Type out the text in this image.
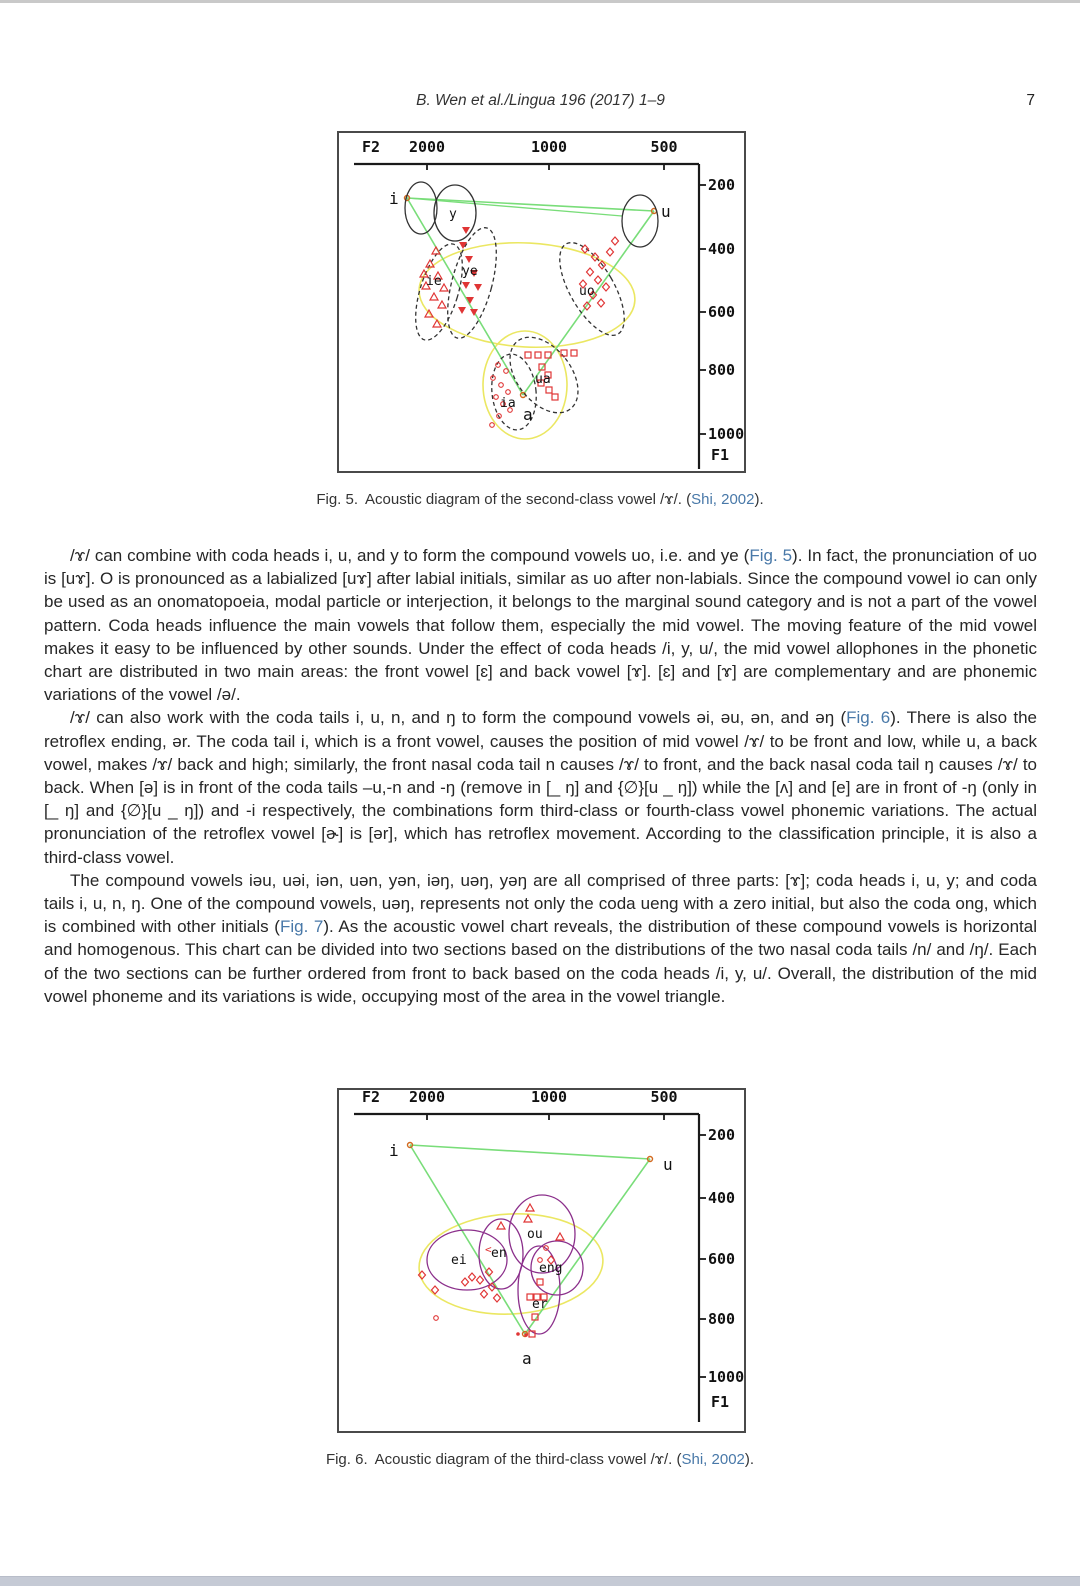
B. Wen et al./Lingua 196 (2017) 1–9	7
i
y	u
ie
ye
uo
ua
ia
a
F2 2000	1000	500
200
400
600
800
1000
F1
Fig. 5. Acoustic diagram of the second-class vowel /ɤ/. (Shi, 2002).

/ɤ/ can combine with coda heads i, u, and y to form the compound vowels uo, i.e. and ye (Fig. 5). In fact, the pronunciation of uo is [uɤ]. O is pronounced as a labialized [uɤ] after labial initials, similar as uo after non-labials. Since the compound vowel io can only be used as an onomatopoeia, modal particle or interjection, it belongs to the marginal sound category and is not a part of the vowel pattern. Coda heads influence the main vowels that follow them, especially the mid vowel. The moving feature of the mid vowel makes it easy to be influenced by other sounds. Under the effect of coda heads /i, y, u/, the mid vowel allophones in the phonetic chart are distributed in two main areas: the front vowel [ɛ] and back vowel [ɤ]. [ɛ] and [ɤ] are complementary and are phonemic variations of the vowel /ə/.

/ɤ/ can also work with the coda tails i, u, n, and ŋ to form the compound vowels əi, əu, ən, and əŋ (Fig. 6). There is also the retroflex ending, ər. The coda tail i, which is a front vowel, causes the position of mid vowel /ɤ/ to be front and low, while u, a back vowel, makes /ɤ/ back and high; similarly, the front nasal coda tail n causes /ɤ/ to front, and the back nasal coda tail ŋ causes /ɤ/ to back. When [ə] is in front of the coda tails –u,-n and -ŋ (remove in [_ ŋ] and {∅}[u _ ŋ]) while the [ʌ] and [e] are in front of -ŋ (only in [_ ŋ] and {∅}[u _ ŋ]) and -i respectively, the combinations form third-class or fourth-class vowel phonemic variations. The actual pronunciation of the retroflex vowel [ɚ] is [ər], which has retroflex movement. According to the classification principle, it is also a third-class vowel.

The compound vowels iəu, uəi, iən, uən, yən, iəŋ, uəŋ, yəŋ are all comprised of three parts: [ɤ]; coda heads i, u, y; and coda tails i, u, n, ŋ. One of the compound vowels, uəŋ, represents not only the coda ueng with a zero initial, but also the coda ong, which is combined with other initials (Fig. 7). As the acoustic vowel chart reveals, the distribution of these compound vowels is horizontal and homogenous. This chart can be divided into two sections based on the distributions of the two nasal coda tails /n/ and /ŋ/. Each of the two sections can be further ordered from front to back based on the coda heads /i, y, u/. Overall, the distribution of the mid vowel phoneme and its variations is wide, occupying most of the area in the vowel triangle.

<
i
u
ei en
ou
eng
er
a
F2 2000	1000	500
200
400
600
800
1000
F1
Fig. 6. Acoustic diagram of the third-class vowel /ɤ/. (Shi, 2002).
